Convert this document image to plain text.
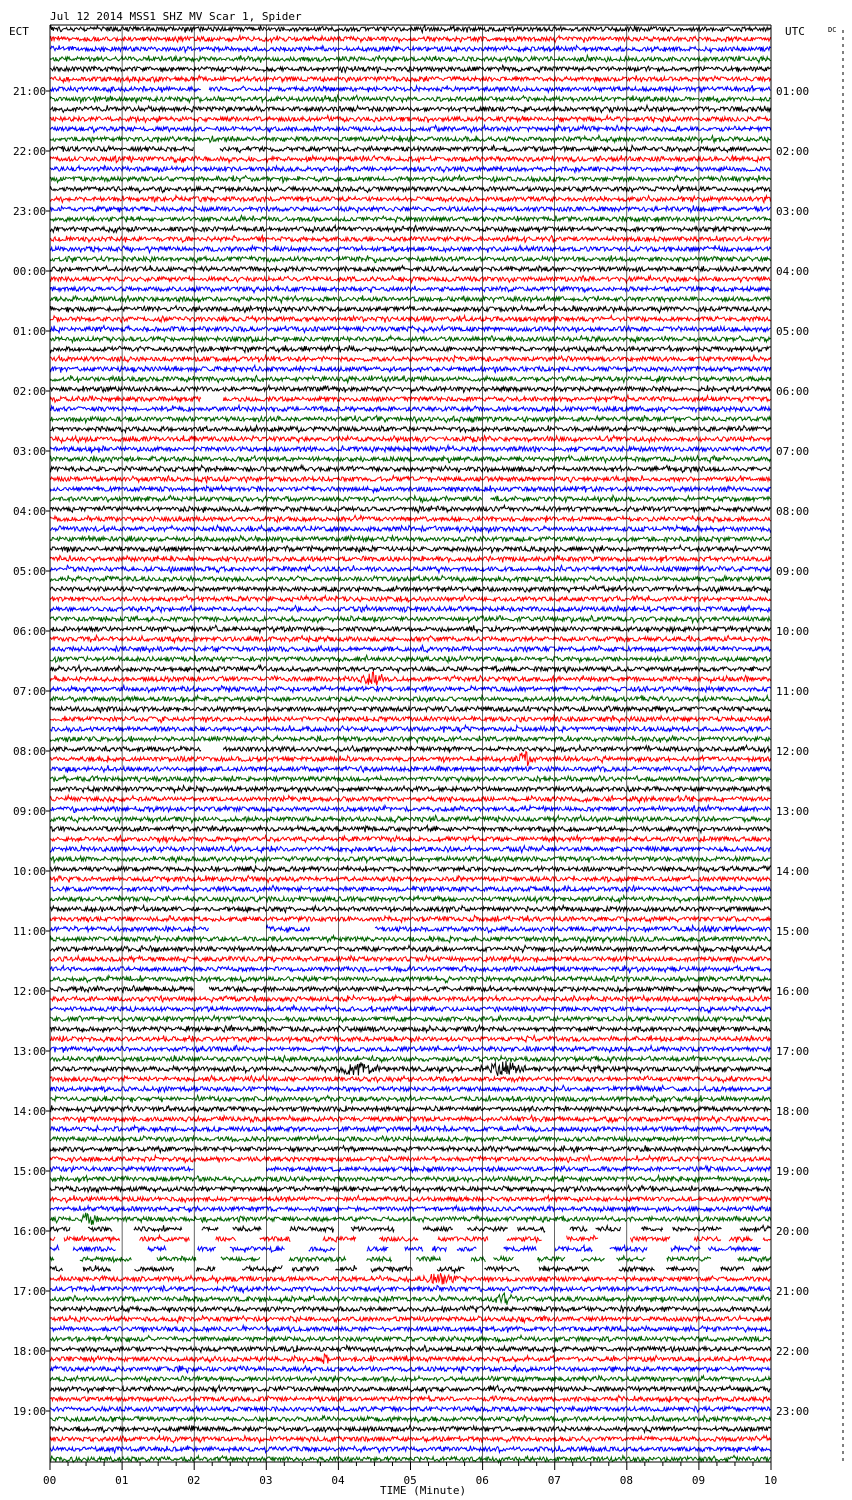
Jul 12 2014 MSS1 SHZ MV Scar 1, Spider
ECT	UTC	DC
00	01	02	03	04	05	06	07	08	09	10
21:00
22:00
23:00
00:00
01:00
02:00
03:00
04:00
05:00
06:00
07:00
08:00
09:00
10:00
11:00
12:00
13:00
14:00
15:00
16:00
17:00
18:00
19:00
01:00
02:00
03:00
04:00
05:00
06:00
07:00
08:00
09:00
10:00
11:00
12:00
13:00
14:00
15:00
16:00
17:00
18:00
19:00
20:00
21:00
22:00
23:00
TIME (Minute)
